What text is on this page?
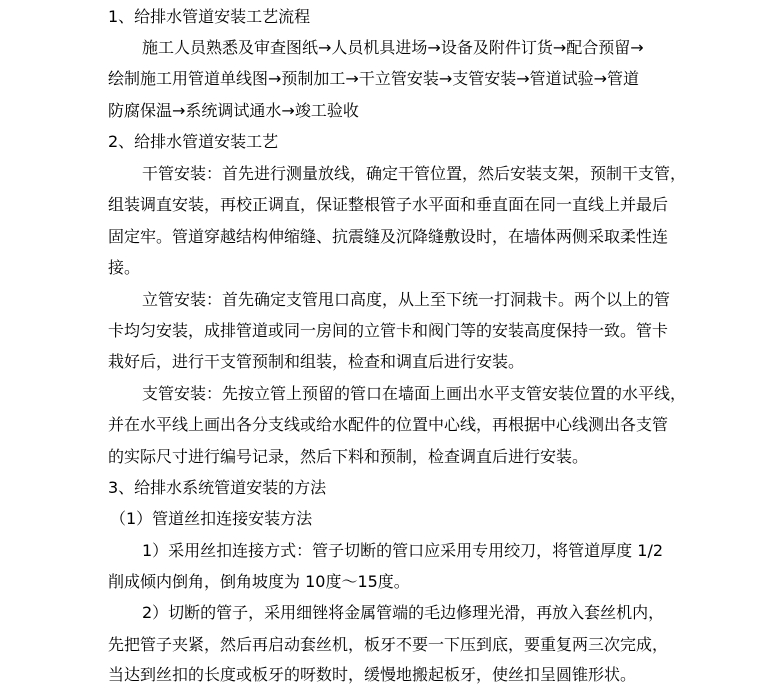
1、给排水管道安装工艺流程
施工人员熟悉及审查图纸→人员机具进场→设备及附件订货→配合预留→
绘制施工用管道单线图→预制加工→干立管安装→支管安装→管道试验→管道
防腐保温→系统调试通水→竣工验收
2、给排水管道安装工艺
干管安装：首先进行测量放线，确定干管位置，然后安装支架，预制干支管，
组装调直安装，再校正调直，保证整根管子水平面和垂直面在同一直线上并最后
固定牢。管道穿越结构伸缩缝、抗震缝及沉降缝敷设时，在墙体两侧采取柔性连
接。
立管安装：首先确定支管甩口高度，从上至下统一打洞栽卡。两个以上的管
卡均匀安装，成排管道或同一房间的立管卡和阀门等的安装高度保持一致。管卡
栽好后，进行干支管预制和组装，检查和调直后进行安装。
支管安装：先按立管上预留的管口在墙面上画出水平支管安装位置的水平线，
并在水平线上画出各分支线或给水配件的位置中心线，再根据中心线测出各支管
的实际尺寸进行编号记录，然后下料和预制，检查调直后进行安装。
3、给排水系统管道安装的方法
（1）管道丝扣连接安装方法
1）采用丝扣连接方式：管子切断的管口应采用专用绞刀，将管道厚度 1/2
削成倾内倒角，倒角坡度为 10度～15度。
2）切断的管子，采用细锉将金属管端的毛边修理光滑，再放入套丝机内，
先把管子夹紧，然后再启动套丝机，板牙不要一下压到底，要重复两三次完成，
当达到丝扣的长度或板牙的呀数时，缓慢地搬起板牙，使丝扣呈圆锥形状。
